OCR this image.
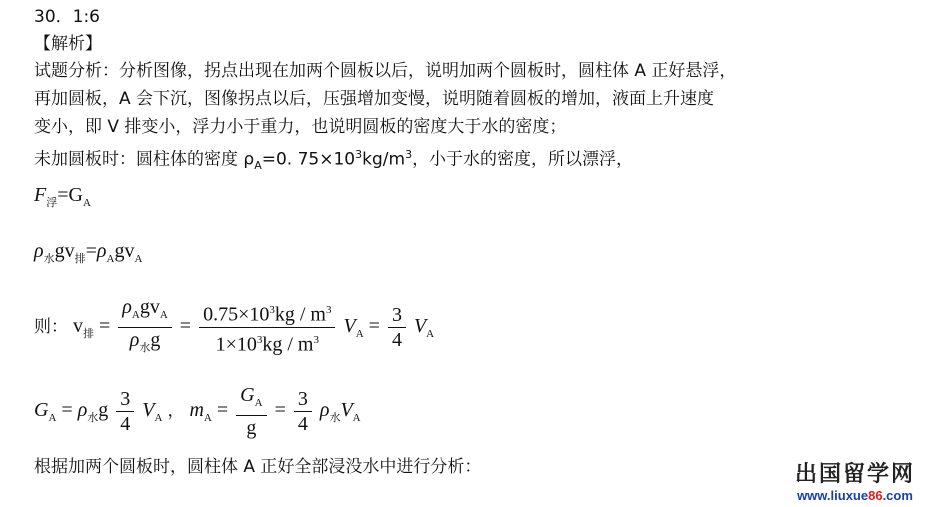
30．1:6
【解析】
试题分析：分析图像，拐点出现在加两个圆板以后，说明加两个圆板时，圆柱体 A 正好悬浮，
再加圆板，A 会下沉，图像拐点以后，压强增加变慢，说明随着圆板的增加，液面上升速度
变小，即 V 排变小，浮力小于重力，也说明圆板的密度大于水的密度；
未加圆板时：圆柱体的密度 $\rho_A=0$. $75\times 10^3kg/m^3$，小于水的密度，所以漂浮，
$F_浮=G_A$
$\rho_水gv_排=\rho_Agv_A$
则： $v_排 = \frac{\rho_Agv_A}{\rho_水g} = \frac{0.75\times 10^3kg / m^3}{1\times 10^3kg / m^3} V_A = \frac{3}{4} V_A$
$G_A = \rho_水g \frac{3}{4} V_A$ ， $m_A = \frac{G_A}{g} = \frac{3}{4} \rho_水V_A$
根据加两个圆板时，圆柱体 A 正好全部浸没水中进行分析：	出国留学网
www.liuxue86.com
